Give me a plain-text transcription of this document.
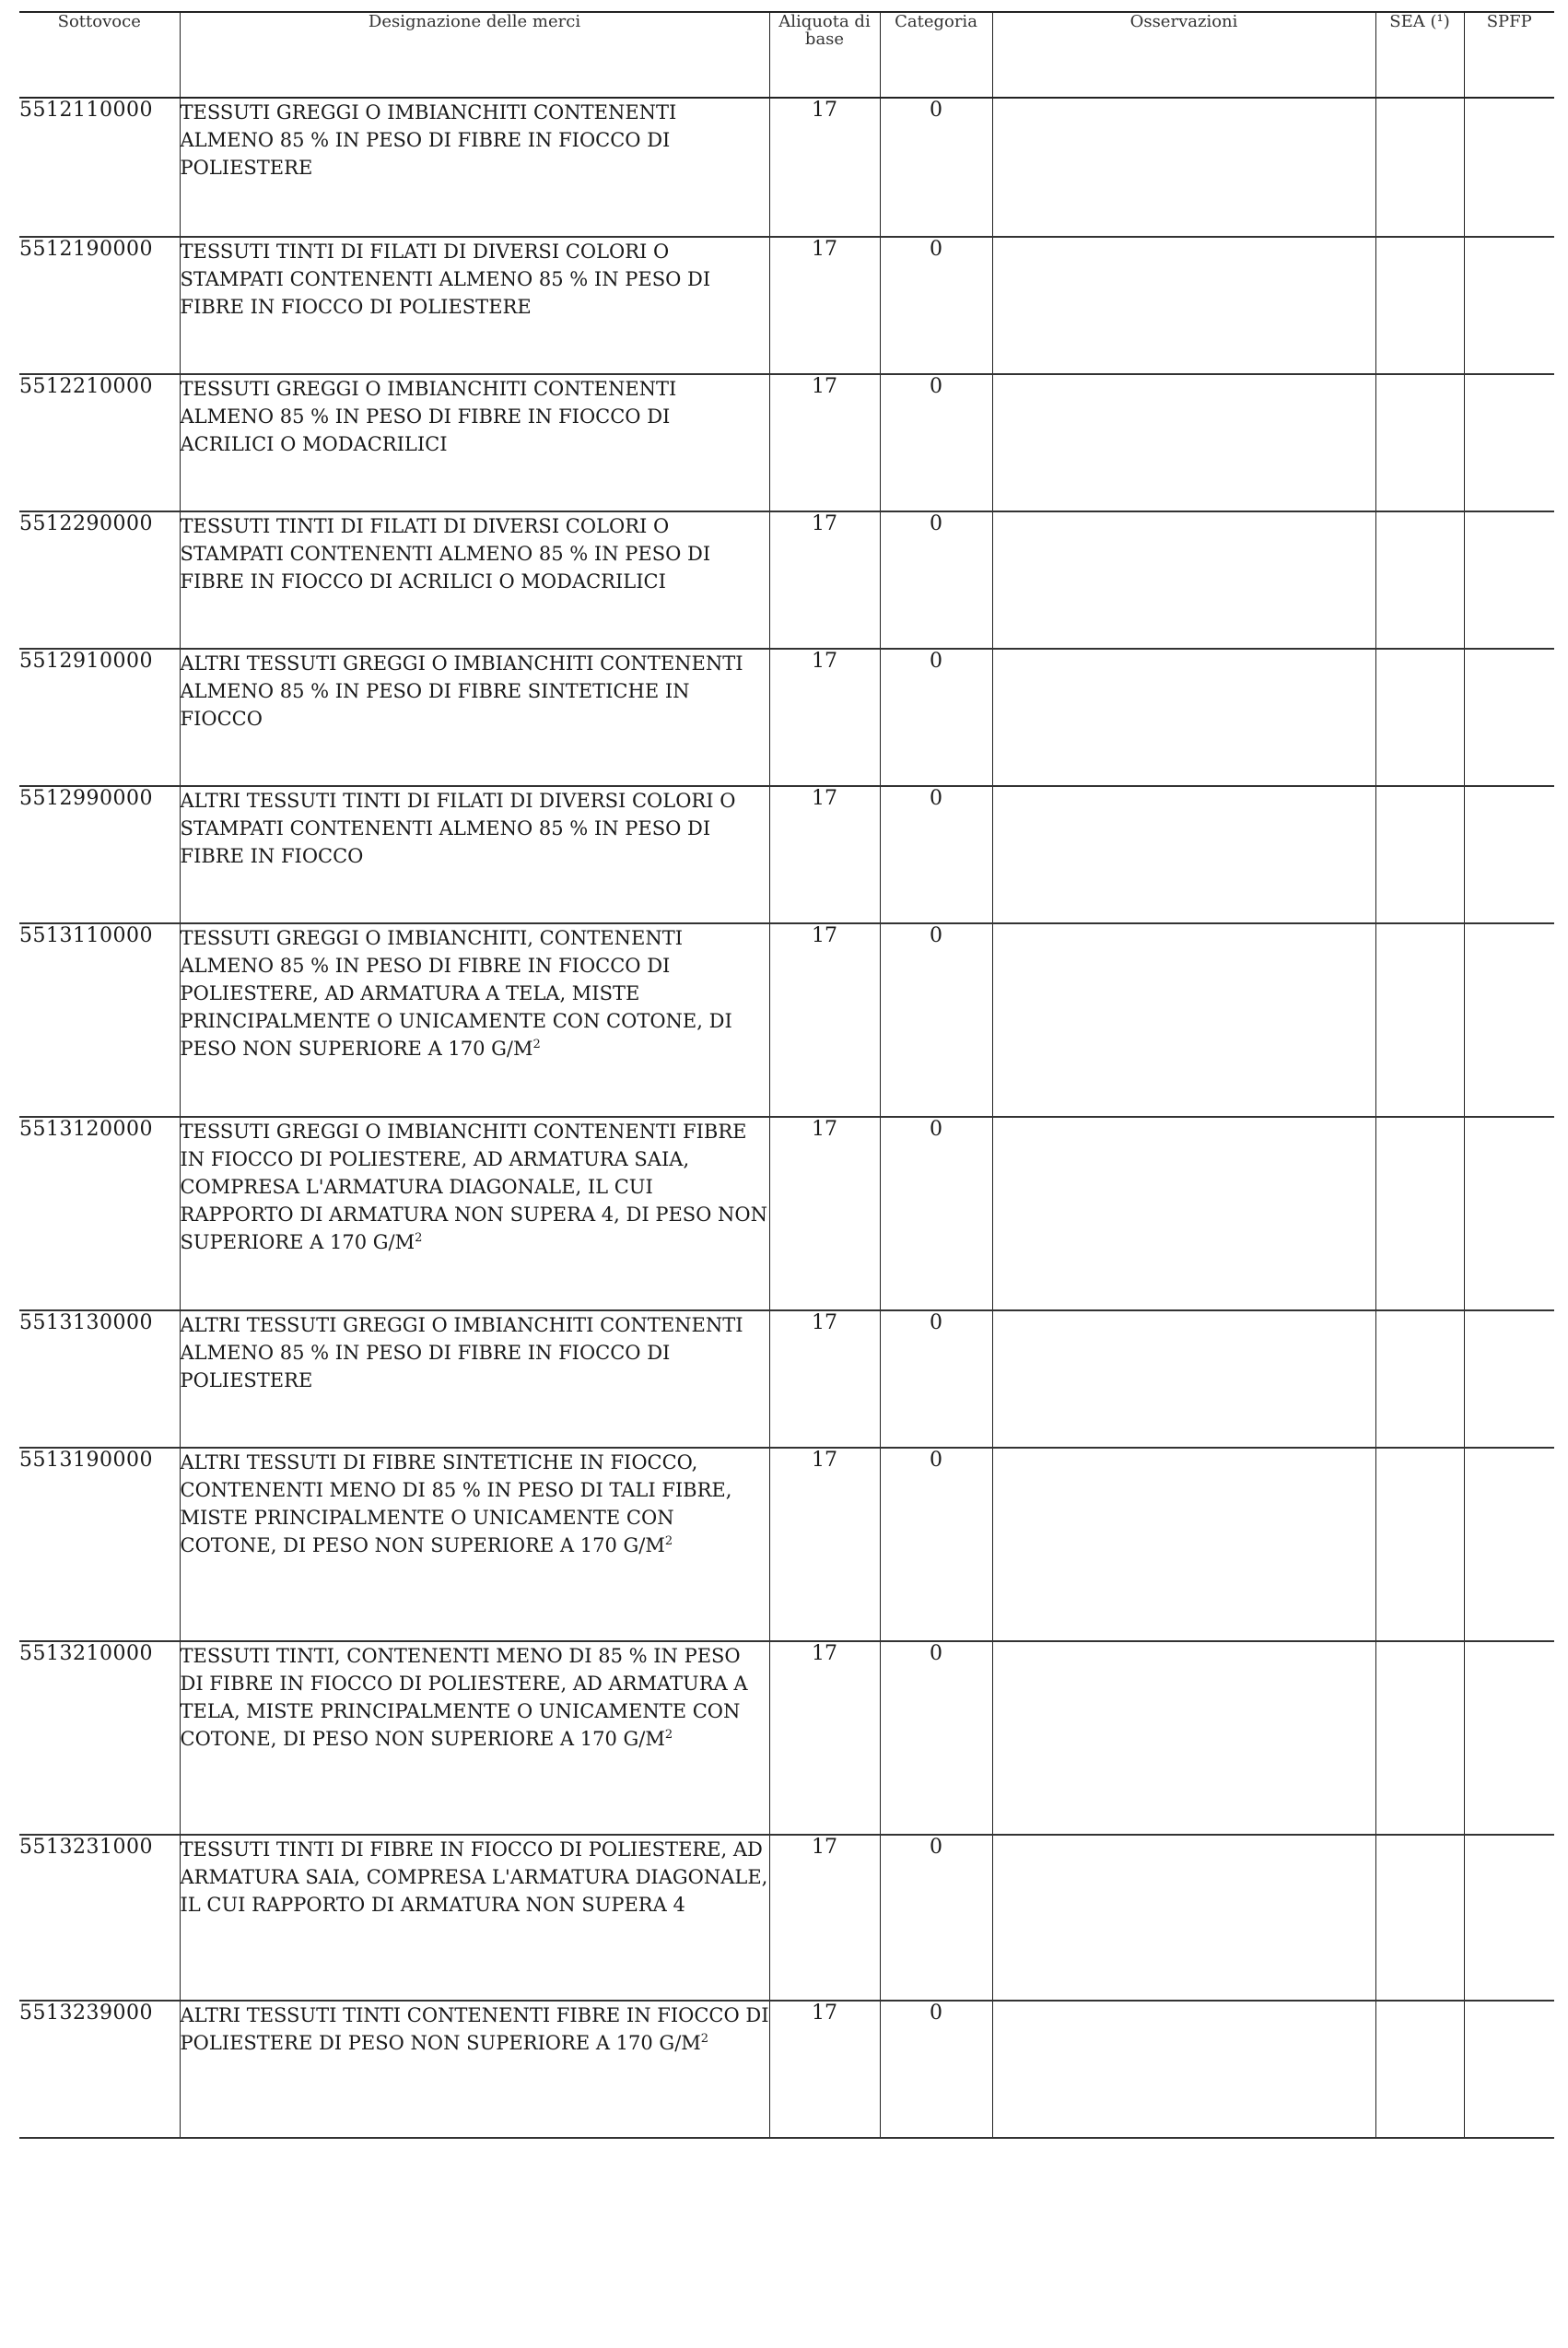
Sottovoce	Designazione delle merci	Aliquota di base	Categoria	Osservazioni	SEA (¹)	SPFP
5512110000	TESSUTI GREGGI O IMBIANCHITI CONTENENTI ALMENO 85 % IN PESO DI FIBRE IN FIOCCO DI POLIESTERE	17	0			
5512190000	TESSUTI TINTI DI FILATI DI DIVERSI COLORI O STAMPATI CONTENENTI ALMENO 85 % IN PESO DI FIBRE IN FIOCCO DI POLIESTERE	17	0			
5512210000	TESSUTI GREGGI O IMBIANCHITI CONTENENTI ALMENO 85 % IN PESO DI FIBRE IN FIOCCO DI ACRILICI O MODACRILICI	17	0			
5512290000	TESSUTI TINTI DI FILATI DI DIVERSI COLORI O STAMPATI CONTENENTI ALMENO 85 % IN PESO DI FIBRE IN FIOCCO DI ACRILICI O MODACRILICI	17	0			
5512910000	ALTRI TESSUTI GREGGI O IMBIANCHITI CONTENENTI ALMENO 85 % IN PESO DI FIBRE SINTETICHE IN FIOCCO	17	0			
5512990000	ALTRI TESSUTI TINTI DI FILATI DI DIVERSI COLORI O STAMPATI CONTENENTI ALMENO 85 % IN PESO DI FIBRE IN FIOCCO	17	0			
5513110000	TESSUTI GREGGI O IMBIANCHITI, CONTENENTI ALMENO 85 % IN PESO DI FIBRE IN FIOCCO DI POLIESTERE, AD ARMATURA A TELA, MISTE PRINCIPALMENTE O UNICAMENTE CON COTONE, DI PESO NON SUPERIORE A 170 $G/M^2$	17	0			
5513120000	TESSUTI GREGGI O IMBIANCHITI CONTENENTI FIBRE IN FIOCCO DI POLIESTERE, AD ARMATURA SAIA, COMPRESA L'ARMATURA DIAGONALE, IL CUI RAPPORTO DI ARMATURA NON SUPERA 4, DI PESO NON SUPERIORE A 170 $G/M^2$	17	0			
5513130000	ALTRI TESSUTI GREGGI O IMBIANCHITI CONTENENTI ALMENO 85 % IN PESO DI FIBRE IN FIOCCO DI POLIESTERE	17	0			
5513190000	ALTRI TESSUTI DI FIBRE SINTETICHE IN FIOCCO, CONTENENTI MENO DI 85 % IN PESO DI TALI FIBRE, MISTE PRINCIPALMENTE O UNICAMENTE CON COTONE, DI PESO NON SUPERIORE A 170 $G/M^2$	17	0			
5513210000	TESSUTI TINTI, CONTENENTI MENO DI 85 % IN PESO DI FIBRE IN FIOCCO DI POLIESTERE, AD ARMATURA A TELA, MISTE PRINCIPALMENTE O UNICAMENTE CON COTONE, DI PESO NON SUPERIORE A 170 $G/M^2$	17	0			
5513231000	TESSUTI TINTI DI FIBRE IN FIOCCO DI POLIESTERE, AD ARMATURA SAIA, COMPRESA L'ARMATURA DIAGONALE, IL CUI RAPPORTO DI ARMATURA NON SUPERA 4	17	0			
5513239000	ALTRI TESSUTI TINTI CONTENENTI FIBRE IN FIOCCO DI POLIESTERE DI PESO NON SUPERIORE A 170 $G/M^2$	17	0			
